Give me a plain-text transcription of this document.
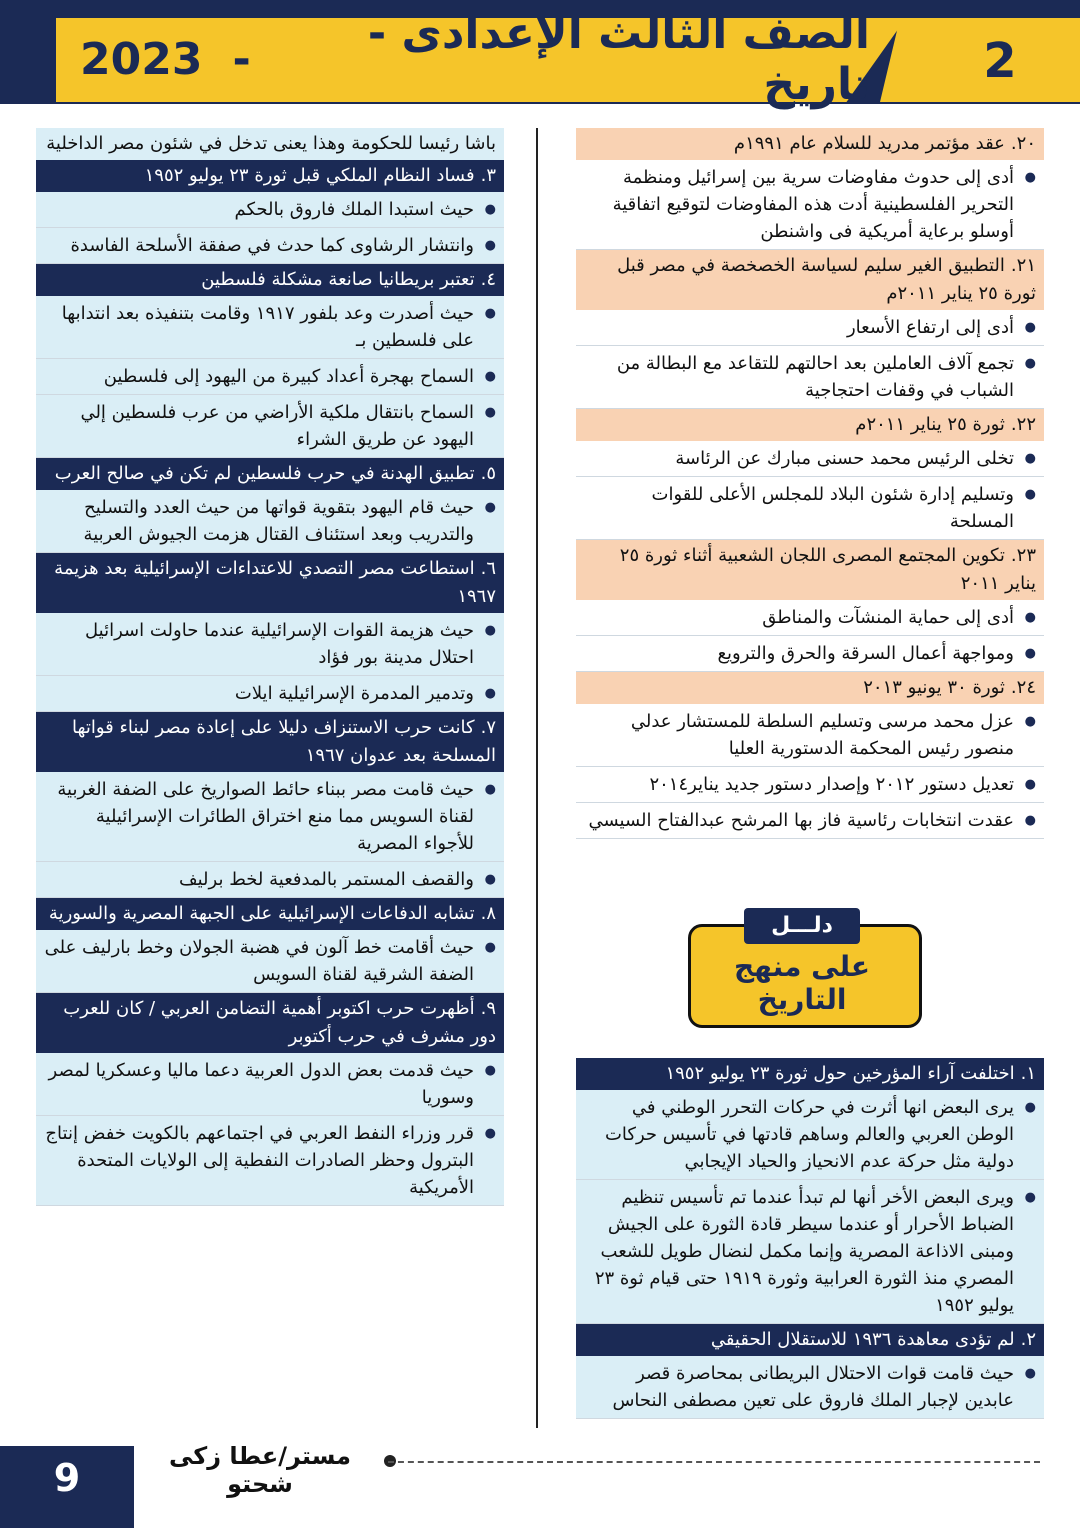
الصف الثالث الإعدادى - تاريخ
-
2023	2
٢٠.عقد مؤتمر مدريد للسلام عام ١٩٩١م
● أدى إلى حدوث مفاوضات سرية بين إسرائيل ومنظمة التحرير الفلسطينية أدت هذه المفاوضات لتوقيع اتفاقية أوسلو برعاية أمريكية فى واشنطن
٢١.التطبيق الغير سليم لسياسة الخصخصة في مصر قبل ثورة ٢٥ يناير ٢٠١١م
● أدى إلى ارتفاع الأسعار
● تجمع آلاف العاملين بعد احالتهم للتقاعد مع البطالة من الشباب في وقفات احتجاجية
٢٢.ثورة ٢٥ يناير ٢٠١١م
● تخلى الرئيس محمد حسنى مبارك عن الرئاسة
● وتسليم إدارة شئون البلاد للمجلس الأعلى للقوات المسلحة
٢٣.تكوين المجتمع المصرى اللجان الشعبية أثناء ثورة ٢٥ يناير ٢٠١١
● أدى إلى حماية المنشآت والمناطق
● ومواجهة أعمال السرقة والحرق والترويع
٢٤.ثورة ٣٠ يونيو ٢٠١٣
● عزل محمد مرسى وتسليم السلطة للمستشار عدلي منصور رئيس المحكمة الدستورية العليا
● تعديل دستور ٢٠١٢ وإصدار دستور جديد يناير٢٠١٤
● عقدت انتخابات رئاسية فاز بها المرشح عبدالفتاح السيسي
دلـــل
على منهج التاريخ
١.اختلفت آراء المؤرخين حول ثورة ٢٣ يوليو ١٩٥٢
● يرى البعض انها أثرت في حركات التحرر الوطني في الوطن العربي والعالم وساهم قادتها في تأسيس حركات دولية مثل حركة عدم الانحياز والحياد الإيجابي
● ويرى البعض الأخر أنها لم تبدأ عندما تم تأسيس تنظيم الضباط الأحرار أو عندما سيطر قادة الثورة على الجيش ومبنى الاذاعة المصرية وإنما مكمل لنضال طويل للشعب المصري منذ الثورة العرابية وثورة ١٩١٩ حتى قيام ثوة ٢٣ يوليو ١٩٥٢
٢.لم تؤدى معاهدة ١٩٣٦ للاستقلال الحقيقي
● حيث قامت قوات الاحتلال البريطانى بمحاصرة قصر عابدين لإجبار الملك فاروق على تعين مصطفى النحاس
باشا رئيسا للحكومة وهذا يعنى تدخل في شئون مصر الداخلية
٣.فساد النظام الملكي قبل ثورة ٢٣ يوليو ١٩٥٢
● حيث استبدا الملك فاروق بالحكم
● وانتشار الرشاوى كما حدث في صفقة الأسلحة الفاسدة
٤.تعتبر بريطانيا صانعة مشكلة فلسطين
● حيث أصدرت وعد بلفور ١٩١٧ وقامت بتنفيذه بعد انتدابها على فلسطين بـ
● السماح بهجرة أعداد كبيرة من اليهود إلى فلسطين
● السماح بانتقال ملكية الأراضي من عرب فلسطين إلي اليهود عن طريق الشراء
٥.تطبيق الهدنة في حرب فلسطين لم تكن في صالح العرب
● حيث قام اليهود بتقوية قواتها من حيث العدد والتسليح والتدريب وبعد استئناف القتال هزمت الجيوش العربية
٦.استطاعت مصر التصدي للاعتداءات الإسرائيلية بعد هزيمة ١٩٦٧
● حيث هزيمة القوات الإسرائيلية عندما حاولت اسرائيل احتلال مدينة بور فؤاد
● وتدمير المدمرة الإسرائيلية ايلات
٧.كانت حرب الاستنزاف دليلا على إعادة مصر لبناء قواتها المسلحة بعد عدوان ١٩٦٧
● حيث قامت مصر ببناء حائط الصواريخ على الضفة الغربية لقناة السويس مما منع اختراق الطائرات الإسرائيلية للأجواء المصرية
● والقصف المستمر بالمدفعية لخط برليف
٨.تشابه الدفاعات الإسرائيلية على الجبهة المصرية والسورية
● حيث أقامت خط آلون في هضبة الجولان وخط بارليف على الضفة الشرقية لقناة السويس
٩.أظهرت حرب اكتوبر أهمية التضامن العربي / كان للعرب دور مشرف في حرب أكتوبر
● حيث قدمت بعض الدول العربية دعما ماليا وعسكريا لمصر وسوريا
● قرر وزراء النفط العربي في اجتماعهم بالكويت خفض إنتاج البترول وحظر الصادرات النفطية إلى الولايات المتحدة الأمريكية
9	مستر/عطا زكى شحتو
